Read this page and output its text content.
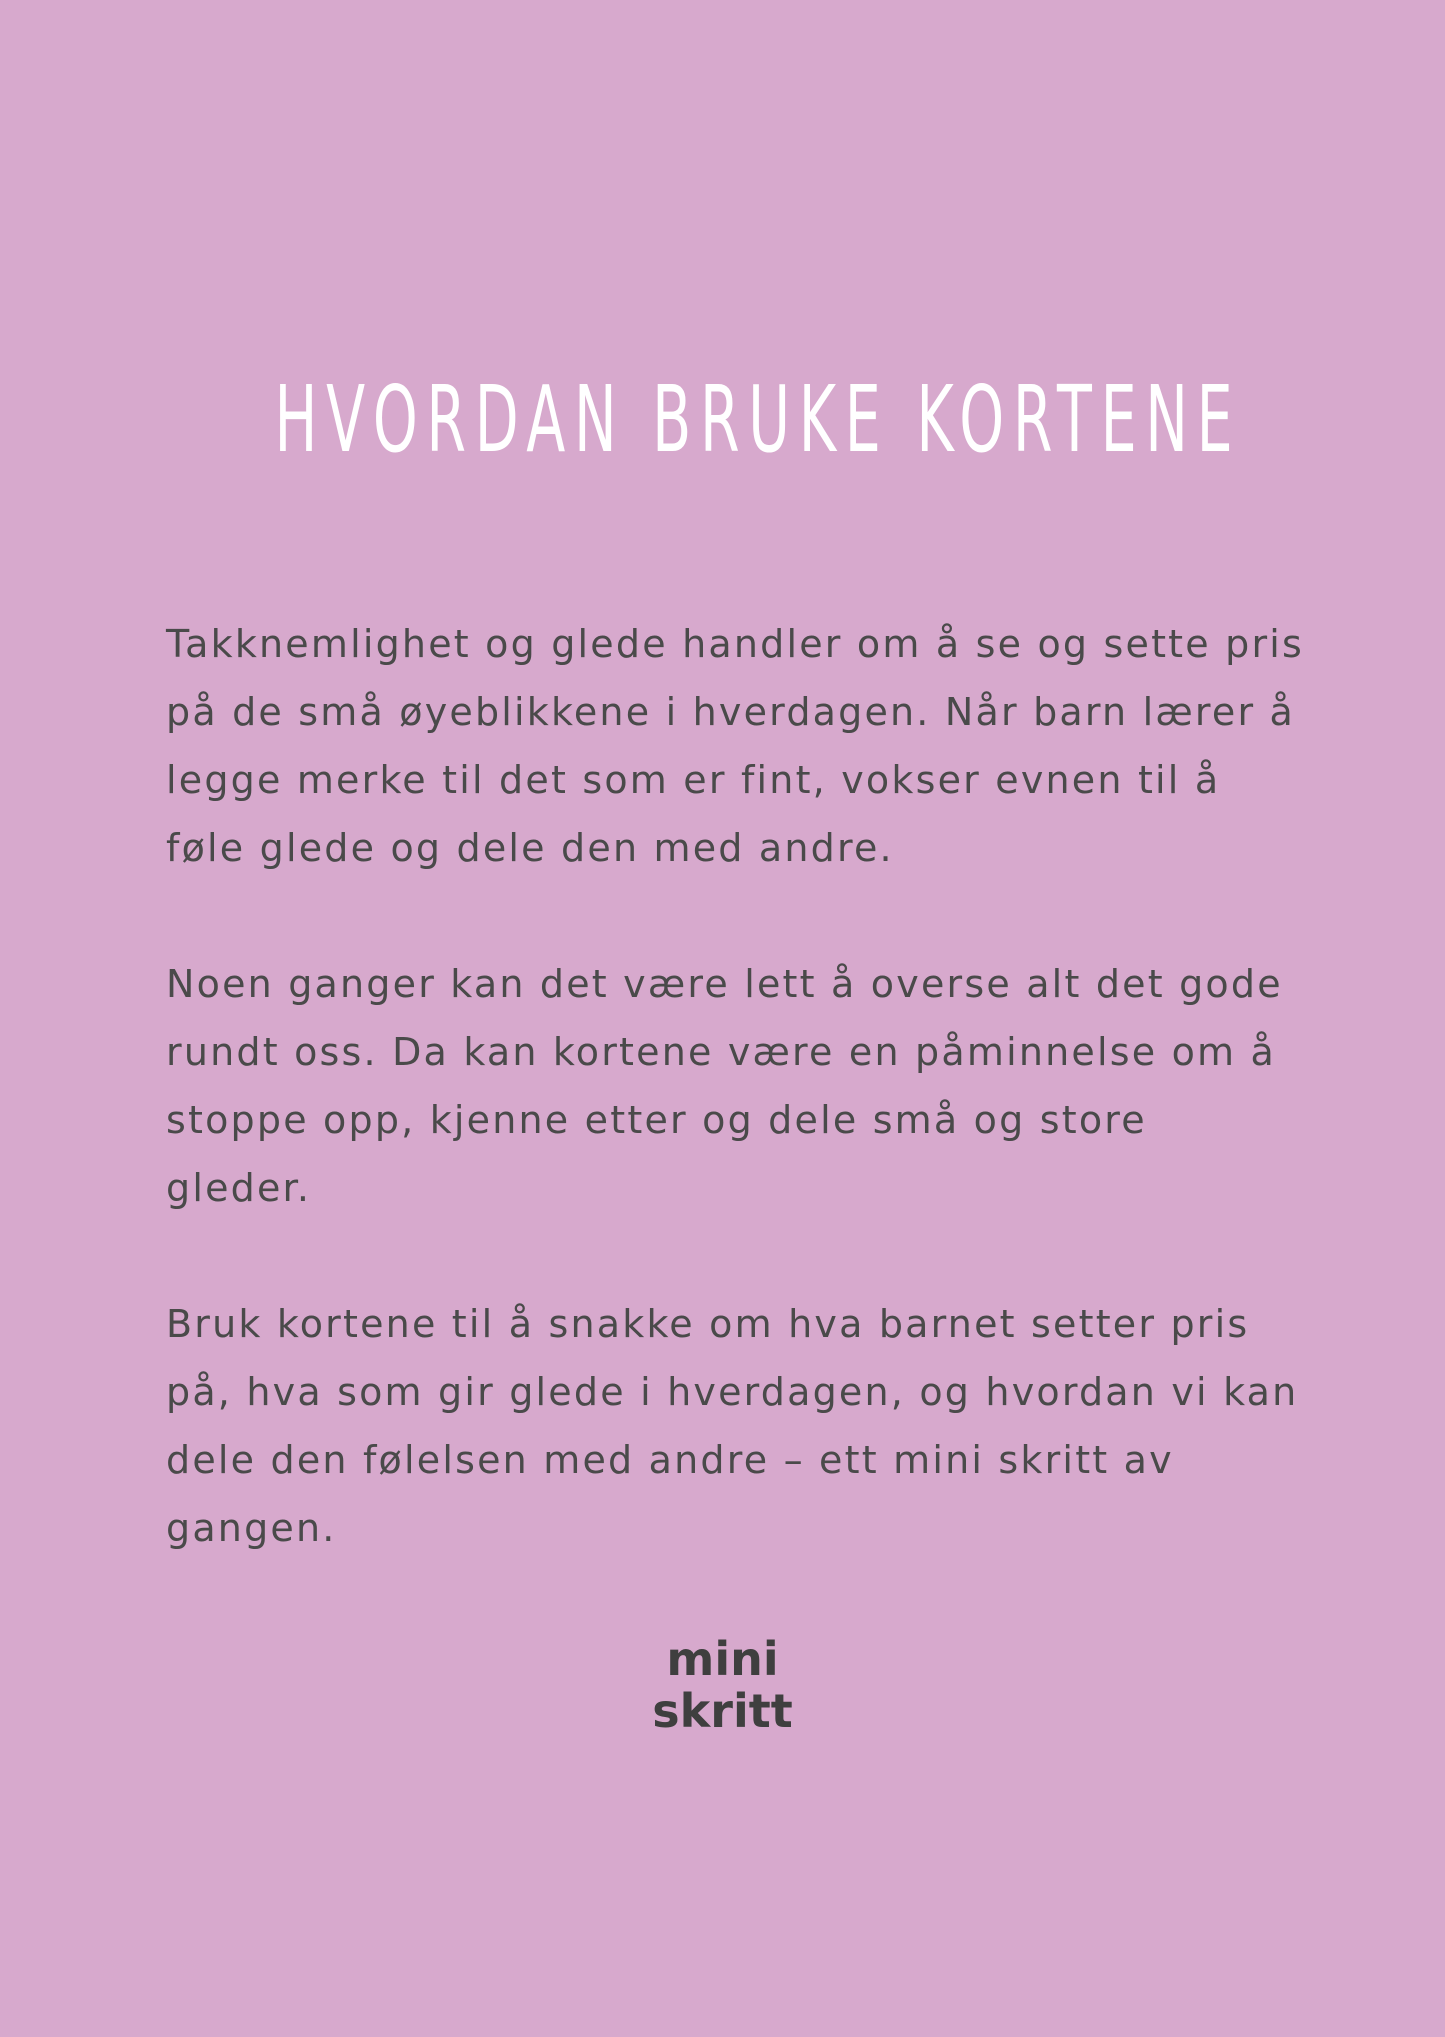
HVORDAN BRUKE KORTENE

Takknemlighet og glede handler om å se og sette pris på de små øyeblikkene i hverdagen. Når barn lærer å legge merke til det som er fint, vokser evnen til å føle glede og dele den med andre.

Noen ganger kan det være lett å overse alt det gode rundt oss. Da kan kortene være en påminnelse om å stoppe opp, kjenne etter og dele små og store gleder.

Bruk kortene til å snakke om hva barnet setter pris på, hva som gir glede i hverdagen, og hvordan vi kan dele den følelsen med andre – ett mini skritt av gangen.

mini
skritt
